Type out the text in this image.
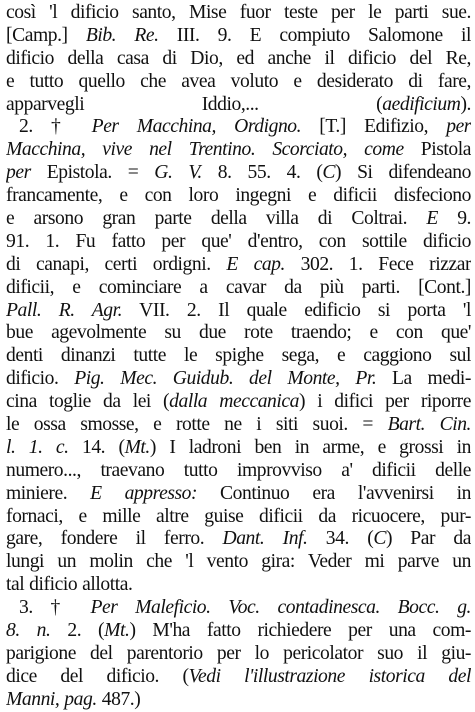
così 'l dificio santo, Mise fuor teste per le parti sue.
[Camp.] Bib. Re. III. 9. E compiuto Salomone il
dificio della casa di Dio, ed anche il dificio del Re,
e tutto quello che avea voluto e desiderato di fare,
apparvegli Iddio,... (aedificium).
2. † Per Macchina, Ordigno. [T.] Edifizio, per
Macchina, vive nel Trentino. Scorciato, come Pistola
per Epistola. = G. V. 8. 55. 4. (C) Si difendeano
francamente, e con loro ingegni e dificii disfeciono
e arsono gran parte della villa di Coltrai. E 9.
91. 1. Fu fatto per que' d'entro, con sottile dificio
di canapi, certi ordigni. E cap. 302. 1. Fece rizzar
dificii, e cominciare a cavar da più parti. [Cont.]
Pall. R. Agr. VII. 2. Il quale edificio si porta 'l
bue agevolmente su due rote traendo; e con que'
denti dinanzi tutte le spighe sega, e caggiono sul
dificio. Pig. Mec. Guidub. del Monte, Pr. La medi-
cina toglie da lei (dalla meccanica) i difici per riporre
le ossa smosse, e rotte ne i siti suoi. = Bart. Cin.
l. 1. c. 14. (Mt.) I ladroni ben in arme, e grossi in
numero..., traevano tutto improvviso a' dificii delle
miniere. E appresso: Continuo era l'avvenirsi in
fornaci, e mille altre guise dificii da ricuocere, pur-
gare, fondere il ferro. Dant. Inf. 34. (C) Par da
lungi un molin che 'l vento gira: Veder mi parve un
tal dificio allotta.
3. † Per Maleficio. Voc. contadinesca. Bocc. g.
8. n. 2. (Mt.) M'ha fatto richiedere per una com-
parigione del parentorio per lo pericolator suo il giu-
dice del dificio. (Vedi l'illustrazione istorica del
Manni, pag. 487.)
